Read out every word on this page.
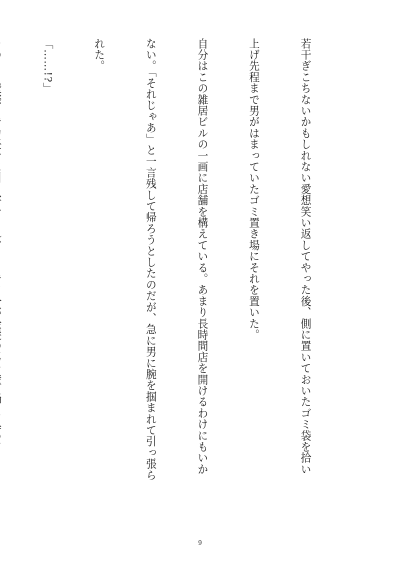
若干ぎこちないかもしれない愛想笑い返してやった後、側に置いておいたゴミ袋を拾い

上げ先程まで男がはまっていたゴミ置き場にそれを置いた。

自分はこの雑居ビルの一画に店舗を構えている。あまり長時間店を開けるわけにもいか

ない。「それじゃあ」と一言残して帰ろうとしたのだが、急に男に腕を掴まれて引っ張ら

れた。

「……!?」

9
